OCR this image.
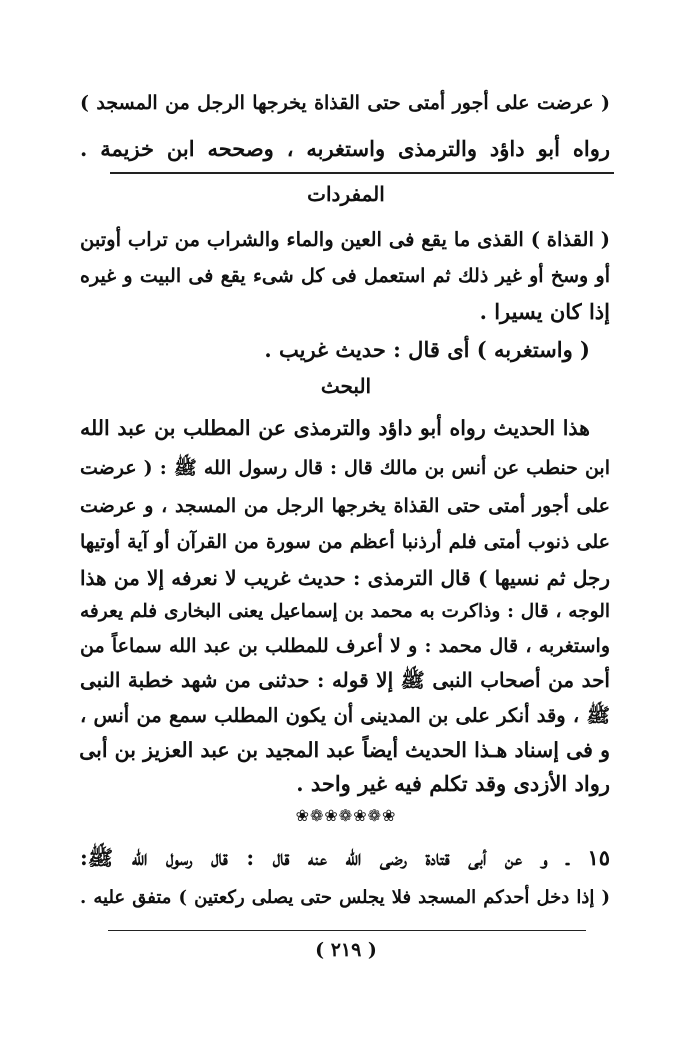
( عرضت على أجور أمتى حتى القذاة يخرجها الرجل من المسجد )
رواه أبو داؤد والترمذى واستغربه ، وصححه ابن خزيمة .
المفردات
( القذاة ) القذى ما يقع فى العين والماء والشراب من تراب أوتبن
أو وسخ أو غير ذلك ثم استعمل فى كل شىء يقع فى البيت و غيره
إذا كان يسيرا .
( واستغربه ) أى قال : حديث غريب .
البحث
هذا الحديث رواه أبو داؤد والترمذى عن المطلب بن عبد الله
ابن حنطب عن أنس بن مالك قال : قال رسول الله ﷺ : ( عرضت
على أجور أمتى حتى القذاة يخرجها الرجل من المسجد ، و عرضت
على ذنوب أمتى فلم أرذنبا أعظم من سورة من القرآن أو آية أوتيها
رجل ثم نسيها ) قال الترمذى : حديث غريب لا نعرفه إلا من هذا
الوجه ، قال : وذاكرت به محمد بن إسماعيل يعنى البخارى فلم يعرفه
واستغربه ، قال محمد : و لا أعرف للمطلب بن عبد الله سماعاً من
أحد من أصحاب النبى ﷺ إلا قوله : حدثنى من شهد خطبة النبى
ﷺ ، وقد أنكر على بن المدينى أن يكون المطلب سمع من أنس ،
و فى إسناد هـذا الحديث أيضاً عبد المجيد بن عبد العزيز بن أبى
رواد الأزدى وقد تكلم فيه غير واحد .
❀❁❀❁❀❁❀
١٥ ـ و عن أبى قتادة رضى الله عنه قال : قال رسول الله ﷺ:
( إذا دخل أحدكم المسجد فلا يجلس حتى يصلى ركعتين ) متفق عليه .
( ٢١٩ )
